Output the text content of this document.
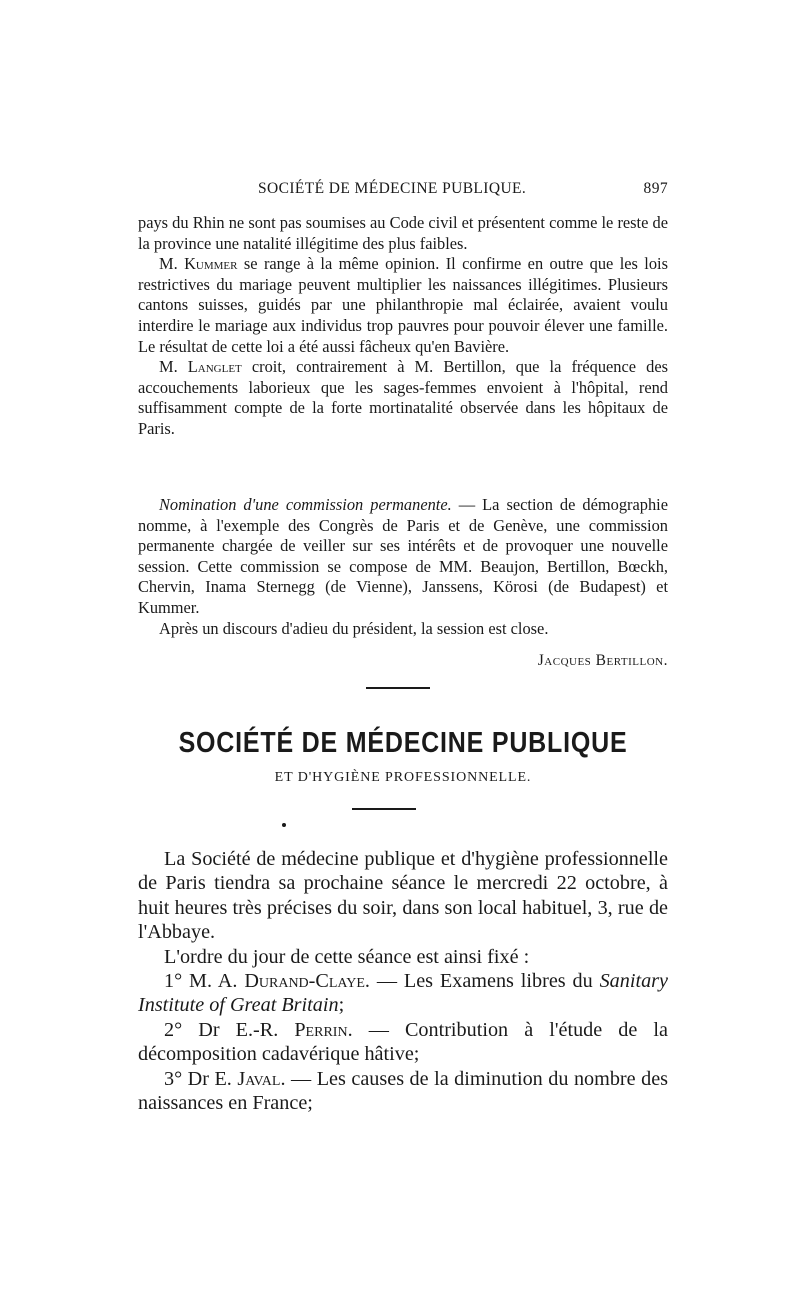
SOCIÉTÉ DE MÉDECINE PUBLIQUE.	897

pays du Rhin ne sont pas soumises au Code civil et présentent comme le reste de la province une natalité illégitime des plus faibles.

M. Kummer se range à la même opinion. Il confirme en outre que les lois restrictives du mariage peuvent multiplier les naissances illégitimes. Plusieurs cantons suisses, guidés par une philanthropie mal éclairée, avaient voulu interdire le mariage aux individus trop pauvres pour pouvoir élever une famille. Le résultat de cette loi a été aussi fâcheux qu'en Bavière.

M. Langlet croit, contrairement à M. Bertillon, que la fréquence des accouchements laborieux que les sages-femmes envoient à l'hôpital, rend suffisamment compte de la forte mortinatalité observée dans les hôpitaux de Paris.

Nomination d'une commission permanente. — La section de démographie nomme, à l'exemple des Congrès de Paris et de Genève, une commission permanente chargée de veiller sur ses intérêts et de provoquer une nouvelle session. Cette commission se compose de MM. Beaujon, Bertillon, Bœckh, Chervin, Inama Sternegg (de Vienne), Janssens, Körosi (de Budapest) et Kummer.

Après un discours d'adieu du président, la session est close.

Jacques Bertillon.
SOCIÉTÉ DE MÉDECINE PUBLIQUE
ET D'HYGIÈNE PROFESSIONNELLE.

La Société de médecine publique et d'hygiène professionnelle de Paris tiendra sa prochaine séance le mercredi 22 octobre, à huit heures très précises du soir, dans son local habituel, 3, rue de l'Abbaye.

L'ordre du jour de cette séance est ainsi fixé :

1° M. A. Durand-Claye. — Les Examens libres du Sanitary Institute of Great Britain;

2° Dr E.-R. Perrin. — Contribution à l'étude de la décomposition cadavérique hâtive;

3° Dr E. Javal. — Les causes de la diminution du nombre des naissances en France;
